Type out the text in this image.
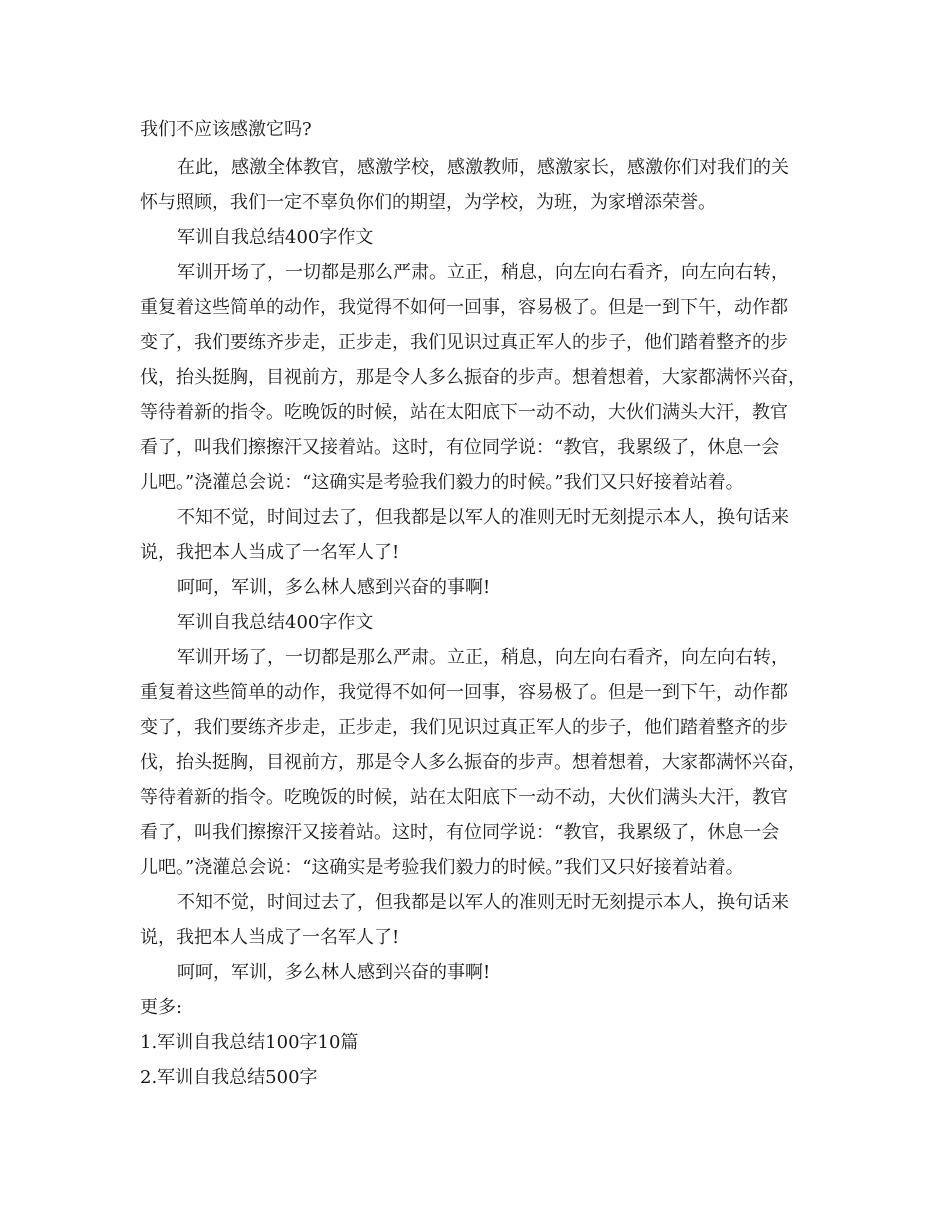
我们不应该感激它吗?
在此，感激全体教官，感激学校，感激教师，感激家长，感激你们对我们的关
怀与照顾，我们一定不辜负你们的期望，为学校，为班，为家增添荣誉。
军训自我总结400字作文
军训开场了，一切都是那么严肃。立正，稍息，向左向右看齐，向左向右转，
重复着这些简单的动作，我觉得不如何一回事，容易极了。但是一到下午，动作都
变了，我们要练齐步走，正步走，我们见识过真正军人的步子，他们踏着整齐的步
伐，抬头挺胸，目视前方，那是令人多么振奋的步声。想着想着，大家都满怀兴奋，
等待着新的指令。吃晚饭的时候，站在太阳底下一动不动，大伙们满头大汗，教官
看了，叫我们擦擦汗又接着站。这时，有位同学说：“教官，我累级了，休息一会
儿吧。”浇灌总会说：“这确实是考验我们毅力的时候。”我们又只好接着站着。
不知不觉，时间过去了，但我都是以军人的准则无时无刻提示本人，换句话来
说，我把本人当成了一名军人了!
呵呵，军训，多么林人感到兴奋的事啊!
军训自我总结400字作文
军训开场了，一切都是那么严肃。立正，稍息，向左向右看齐，向左向右转，
重复着这些简单的动作，我觉得不如何一回事，容易极了。但是一到下午，动作都
变了，我们要练齐步走，正步走，我们见识过真正军人的步子，他们踏着整齐的步
伐，抬头挺胸，目视前方，那是令人多么振奋的步声。想着想着，大家都满怀兴奋，
等待着新的指令。吃晚饭的时候，站在太阳底下一动不动，大伙们满头大汗，教官
看了，叫我们擦擦汗又接着站。这时，有位同学说：“教官，我累级了，休息一会
儿吧。”浇灌总会说：“这确实是考验我们毅力的时候。”我们又只好接着站着。
不知不觉，时间过去了，但我都是以军人的准则无时无刻提示本人，换句话来
说，我把本人当成了一名军人了!
呵呵，军训，多么林人感到兴奋的事啊!
更多:
1.军训自我总结100字10篇
2.军训自我总结500字
